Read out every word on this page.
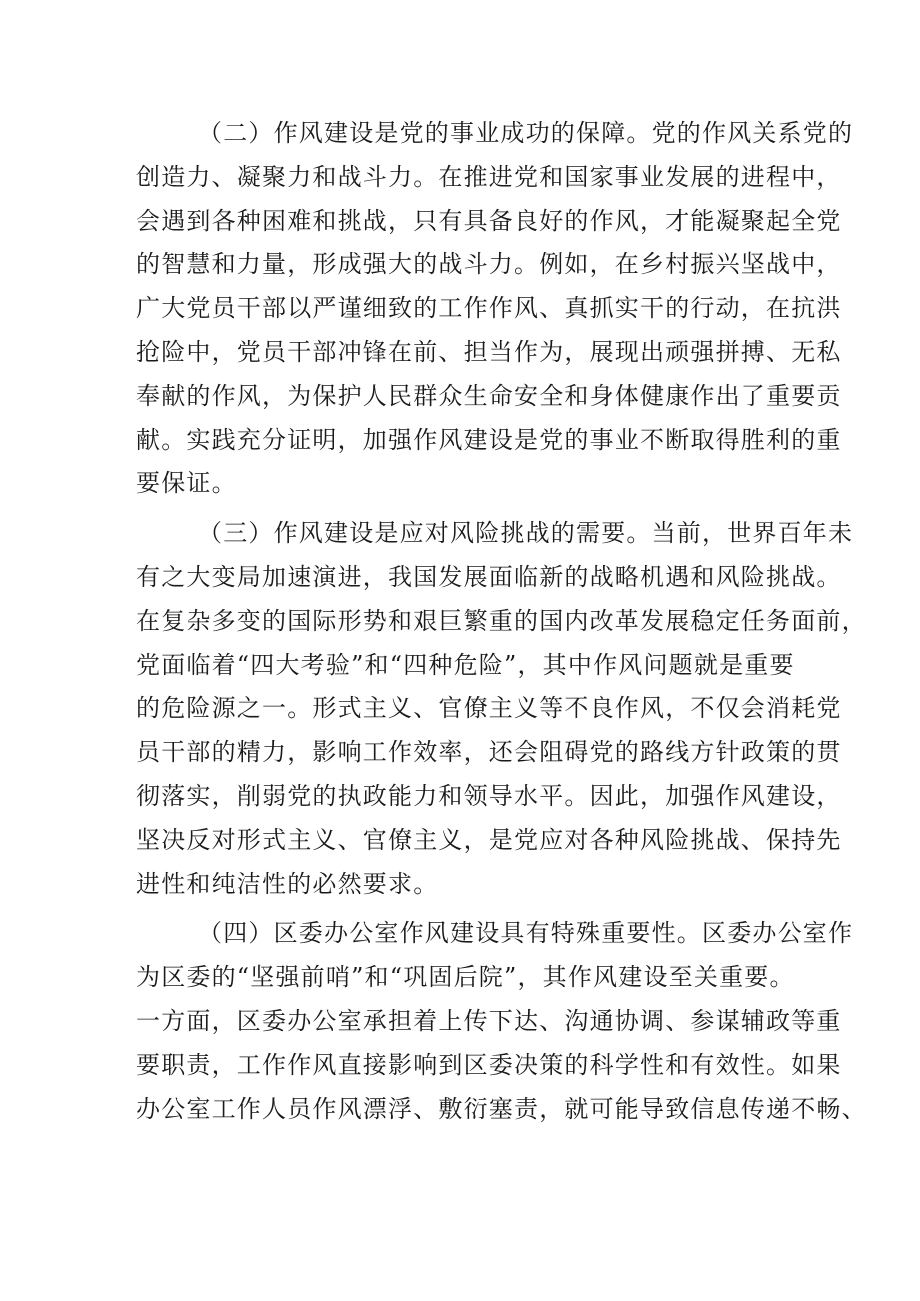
（二）作风建设是党的事业成功的保障。党的作风关系党的
创造力、凝聚力和战斗力。在推进党和国家事业发展的进程中，
会遇到各种困难和挑战，只有具备良好的作风，才能凝聚起全党
的智慧和力量，形成强大的战斗力。例如，在乡村振兴坚战中，
广大党员干部以严谨细致的工作作风、真抓实干的行动，在抗洪
抢险中，党员干部冲锋在前、担当作为，展现出顽强拼搏、无私
奉献的作风，为保护人民群众生命安全和身体健康作出了重要贡
献。实践充分证明，加强作风建设是党的事业不断取得胜利的重
要保证。
（三）作风建设是应对风险挑战的需要。当前，世界百年未
有之大变局加速演进，我国发展面临新的战略机遇和风险挑战。
在复杂多变的国际形势和艰巨繁重的国内改革发展稳定任务面前，
党面临着“四大考验”和“四种危险”，其中作风问题就是重要
的危险源之一。形式主义、官僚主义等不良作风，不仅会消耗党
员干部的精力，影响工作效率，还会阻碍党的路线方针政策的贯
彻落实，削弱党的执政能力和领导水平。因此，加强作风建设，
坚决反对形式主义、官僚主义，是党应对各种风险挑战、保持先
进性和纯洁性的必然要求。
（四）区委办公室作风建设具有特殊重要性。区委办公室作
为区委的“坚强前哨”和“巩固后院”，其作风建设至关重要。
一方面，区委办公室承担着上传下达、沟通协调、参谋辅政等重
要职责，工作作风直接影响到区委决策的科学性和有效性。如果
办公室工作人员作风漂浮、敷衍塞责，就可能导致信息传递不畅、
